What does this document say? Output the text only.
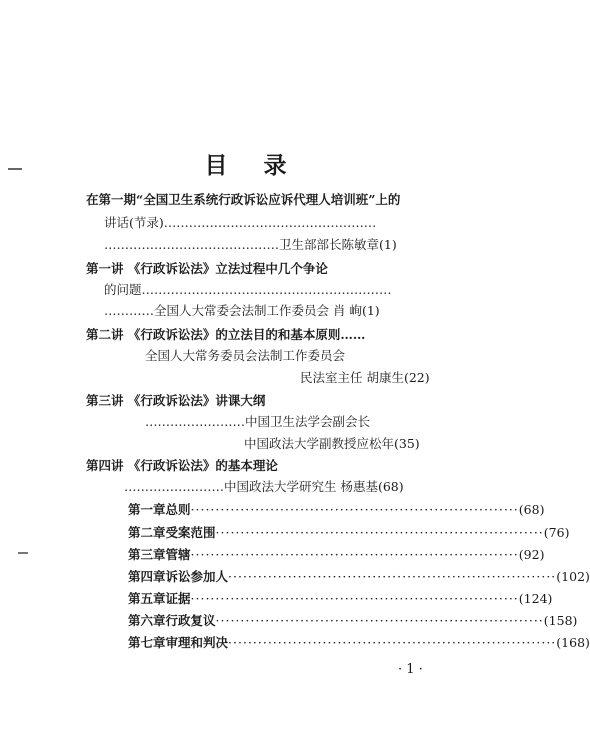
目 录
在第一期“全国卫生系统行政诉讼应诉代理人培训班”上的
讲话(节录)……………………………………………
……………………………………卫生部部长陈敏章(1)
第一讲 《行政诉讼法》立法过程中几个争论
的问题……………………………………………………
…………全国人大常委会法制工作委员会 肖 峋(1)
第二讲 《行政诉讼法》的立法目的和基本原则……
全国人大常务委员会法制工作委员会
民法室主任 胡康生(22)
第三讲 《行政诉讼法》讲课大纲
……………………中国卫生法学会副会长
中国政法大学副教授应松年(35)
第四讲 《行政诉讼法》的基本理论
……………………中国政法大学研究生 杨惠基(68)
第一章 总则 ·································································· (68)
第二章 受案范围 ·································································· (76)
第三章 管辖 ·································································· (92)
第四章 诉讼参加人 ·································································· (102)
第五章 证据 ·································································· (124)
第六章 行政复议 ·································································· (158)
第七章 审理和判决 ·································································· (168)
· 1 ·
